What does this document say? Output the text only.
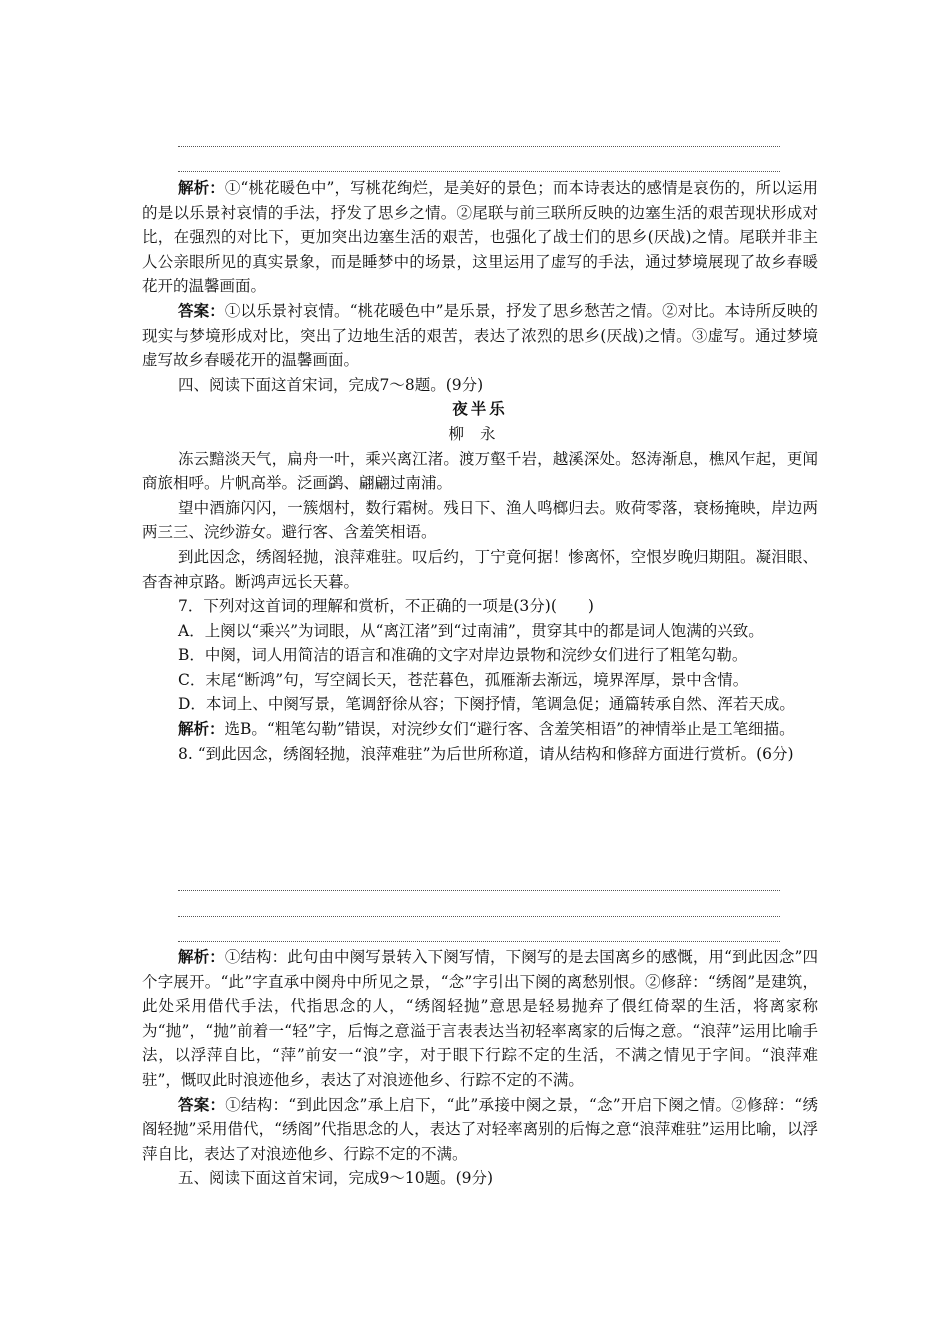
解析：①“桃花暖色中”，写桃花绚烂，是美好的景色；而本诗表达的感情是哀伤的，所以运用的是以乐景衬哀情的手法，抒发了思乡之情。②尾联与前三联所反映的边塞生活的艰苦现状形成对比，在强烈的对比下，更加突出边塞生活的艰苦，也强化了战士们的思乡(厌战)之情。尾联并非主人公亲眼所见的真实景象，而是睡梦中的场景，这里运用了虚写的手法，通过梦境展现了故乡春暖花开的温馨画面。

答案：①以乐景衬哀情。“桃花暖色中”是乐景，抒发了思乡愁苦之情。②对比。本诗所反映的现实与梦境形成对比，突出了边地生活的艰苦，表达了浓烈的思乡(厌战)之情。③虚写。通过梦境虚写故乡春暖花开的温馨画面。

四、阅读下面这首宋词，完成7～8题。(9分)

夜半乐

柳永

冻云黯淡天气，扁舟一叶，乘兴离江渚。渡万壑千岩，越溪深处。怒涛渐息，樵风乍起，更闻商旅相呼。片帆高举。泛画鹢、翩翩过南浦。

望中酒旆闪闪，一簇烟村，数行霜树。残日下、渔人鸣榔归去。败荷零落，衰杨掩映，岸边两两三三、浣纱游女。避行客、含羞笑相语。

到此因念，绣阁轻抛，浪萍难驻。叹后约，丁宁竟何据！惨离怀，空恨岁晚归期阻。凝泪眼、杳杳神京路。断鸿声远长天暮。

7．下列对这首词的理解和赏析，不正确的一项是(3分)(　　)

A．上阕以“乘兴”为词眼，从“离江渚”到“过南浦”，贯穿其中的都是词人饱满的兴致。

B．中阕，词人用简洁的语言和准确的文字对岸边景物和浣纱女们进行了粗笔勾勒。

C．末尾“断鸿”句，写空阔长天，苍茫暮色，孤雁渐去渐远，境界浑厚，景中含情。

D．本词上、中阕写景，笔调舒徐从容；下阕抒情，笔调急促；通篇转承自然、浑若天成。

解析：选B。“粗笔勾勒”错误，对浣纱女们“避行客、含羞笑相语”的神情举止是工笔细描。

8. “到此因念，绣阁轻抛，浪萍难驻”为后世所称道，请从结构和修辞方面进行赏析。(6分)

解析：①结构：此句由中阕写景转入下阕写情，下阕写的是去国离乡的感慨，用“到此因念”四个字展开。“此”字直承中阕舟中所见之景，“念”字引出下阕的离愁别恨。②修辞：“绣阁”是建筑，此处采用借代手法，代指思念的人，“绣阁轻抛”意思是轻易抛弃了偎红倚翠的生活，将离家称为“抛”，“抛”前着一“轻”字，后悔之意溢于言表表达当初轻率离家的后悔之意。“浪萍”运用比喻手法，以浮萍自比，“萍”前安一“浪”字，对于眼下行踪不定的生活，不满之情见于字间。“浪萍难驻”，慨叹此时浪迹他乡，表达了对浪迹他乡、行踪不定的不满。

答案：①结构：“到此因念”承上启下，“此”承接中阕之景，“念”开启下阕之情。②修辞：“绣阁轻抛”采用借代，“绣阁”代指思念的人，表达了对轻率离别的后悔之意“浪萍难驻”运用比喻，以浮萍自比，表达了对浪迹他乡、行踪不定的不满。

五、阅读下面这首宋词，完成9～10题。(9分)
